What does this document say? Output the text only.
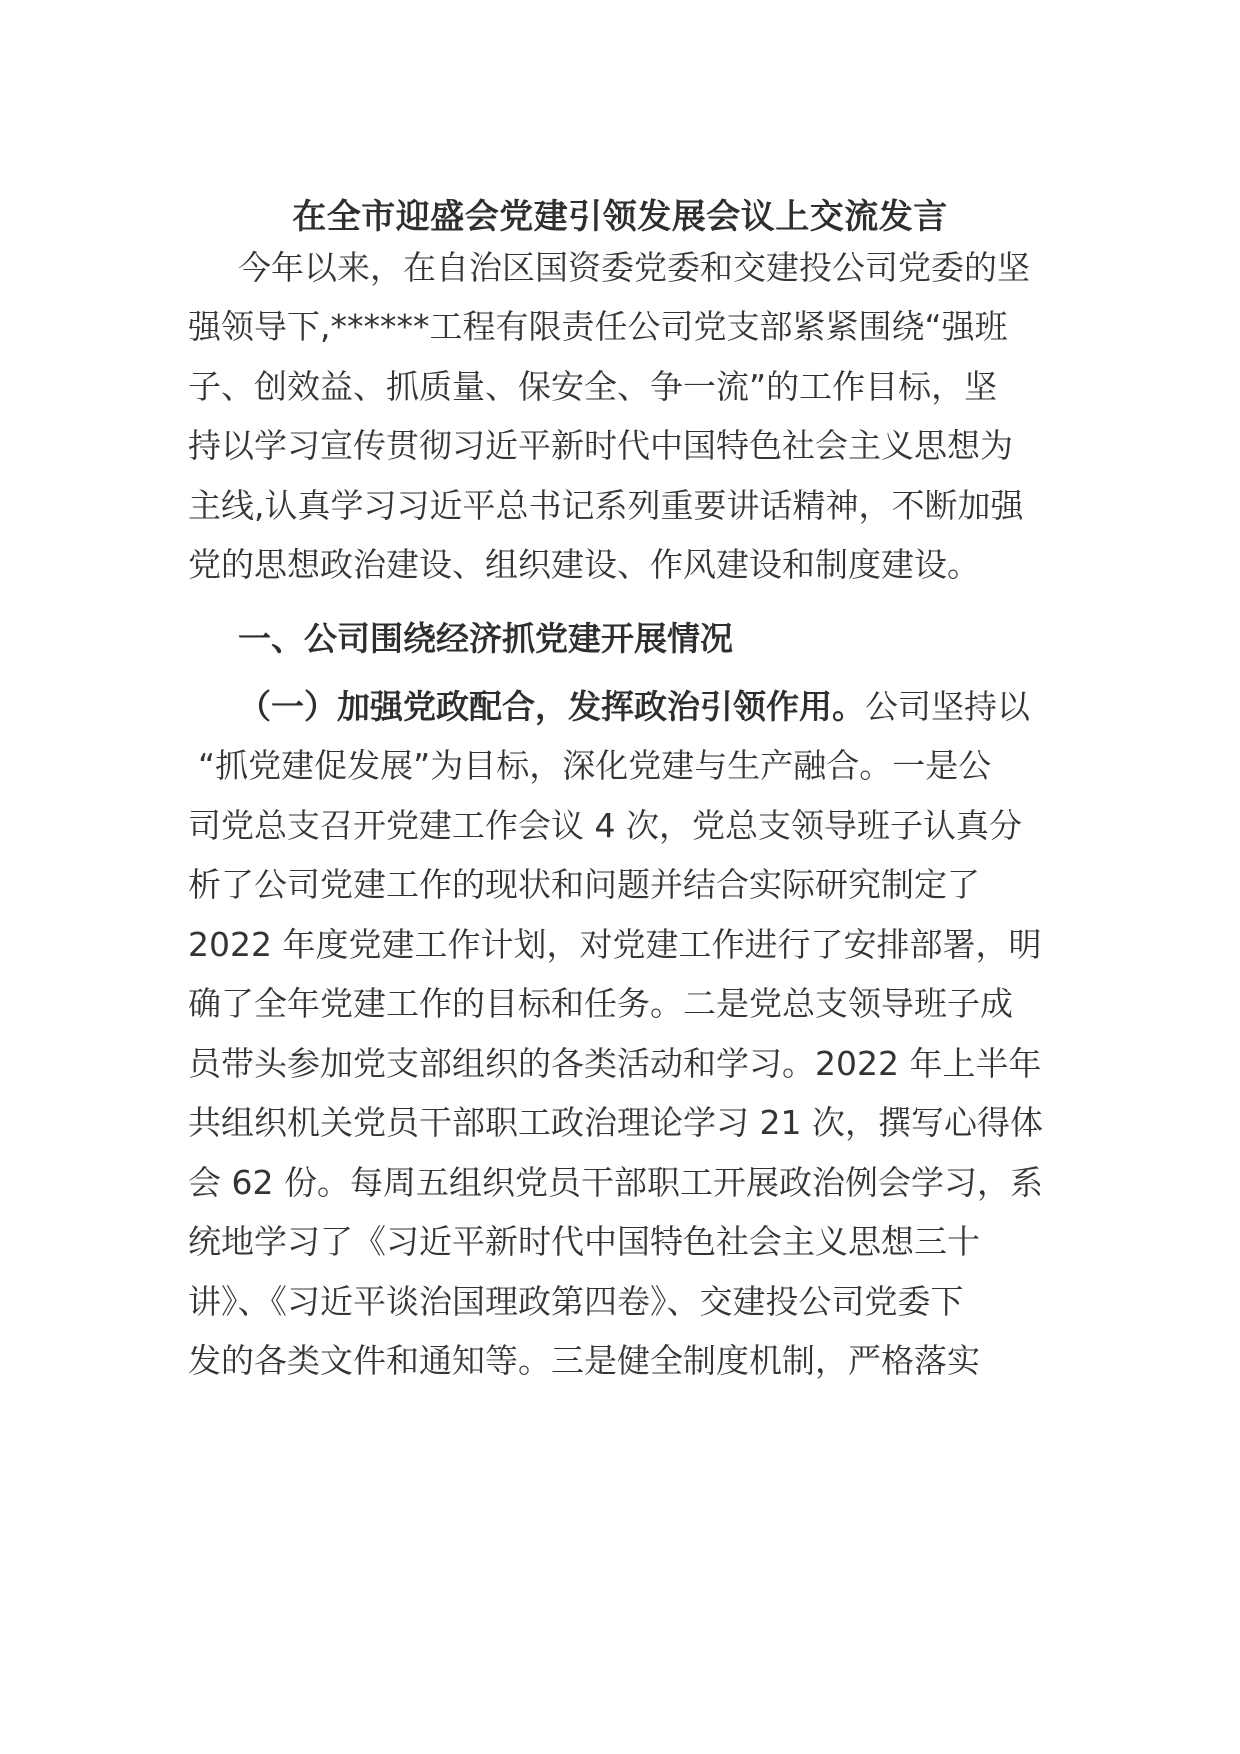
在全市迎盛会党建引领发展会议上交流发言
今年以来，在自治区国资委党委和交建投公司党委的坚
强领导下,******工程有限责任公司党支部紧紧围绕“强班
子、创效益、抓质量、保安全、争一流”的工作目标，坚
持以学习宣传贯彻习近平新时代中国特色社会主义思想为
主线,认真学习习近平总书记系列重要讲话精神，不断加强
党的思想政治建设、组织建设、作风建设和制度建设。
一、公司围绕经济抓党建开展情况
（一）加强党政配合，发挥政治引领作用。公司坚持以
“抓党建促发展”为目标，深化党建与生产融合。一是公
司党总支召开党建工作会议 4 次，党总支领导班子认真分
析了公司党建工作的现状和问题并结合实际研究制定了
2022 年度党建工作计划，对党建工作进行了安排部署，明
确了全年党建工作的目标和任务。二是党总支领导班子成
员带头参加党支部组织的各类活动和学习。2022 年上半年
共组织机关党员干部职工政治理论学习 21 次，撰写心得体
会 62 份。每周五组织党员干部职工开展政治例会学习，系
统地学习了《习近平新时代中国特色社会主义思想三十
讲》、《习近平谈治国理政第四卷》、交建投公司党委下
发的各类文件和通知等。三是健全制度机制，严格落实
